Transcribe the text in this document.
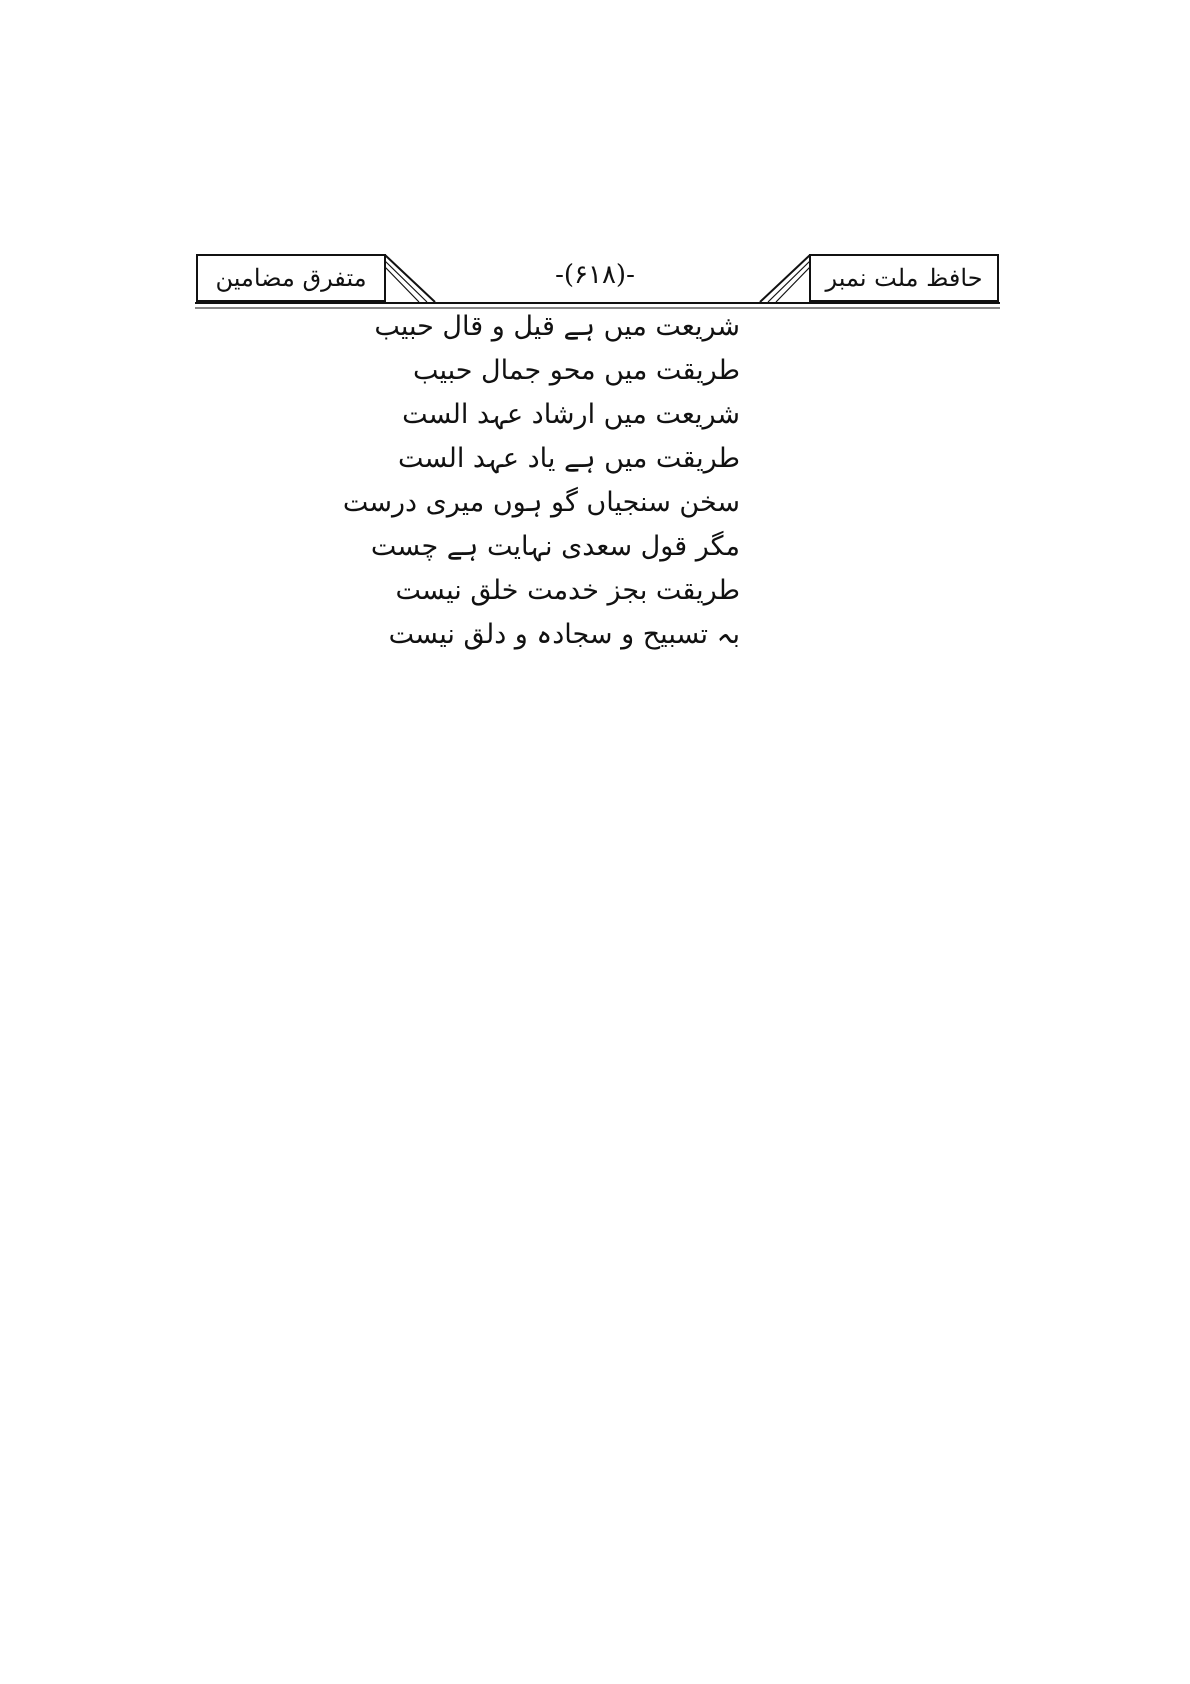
متفرق مضامین	-(۶۱۸)-	حافظ ملت نمبر
شریعت میں ہے قیل و قال حبیب
طریقت میں محو جمال حبیب
شریعت میں ارشاد عہد الست
طریقت میں ہے یاد عہد الست
سخن سنجیاں گو ہوں میری درست
مگر قول سعدی نہایت ہے چست
طریقت بجز خدمت خلق نیست
بہ تسبیح و سجادہ و دلق نیست
